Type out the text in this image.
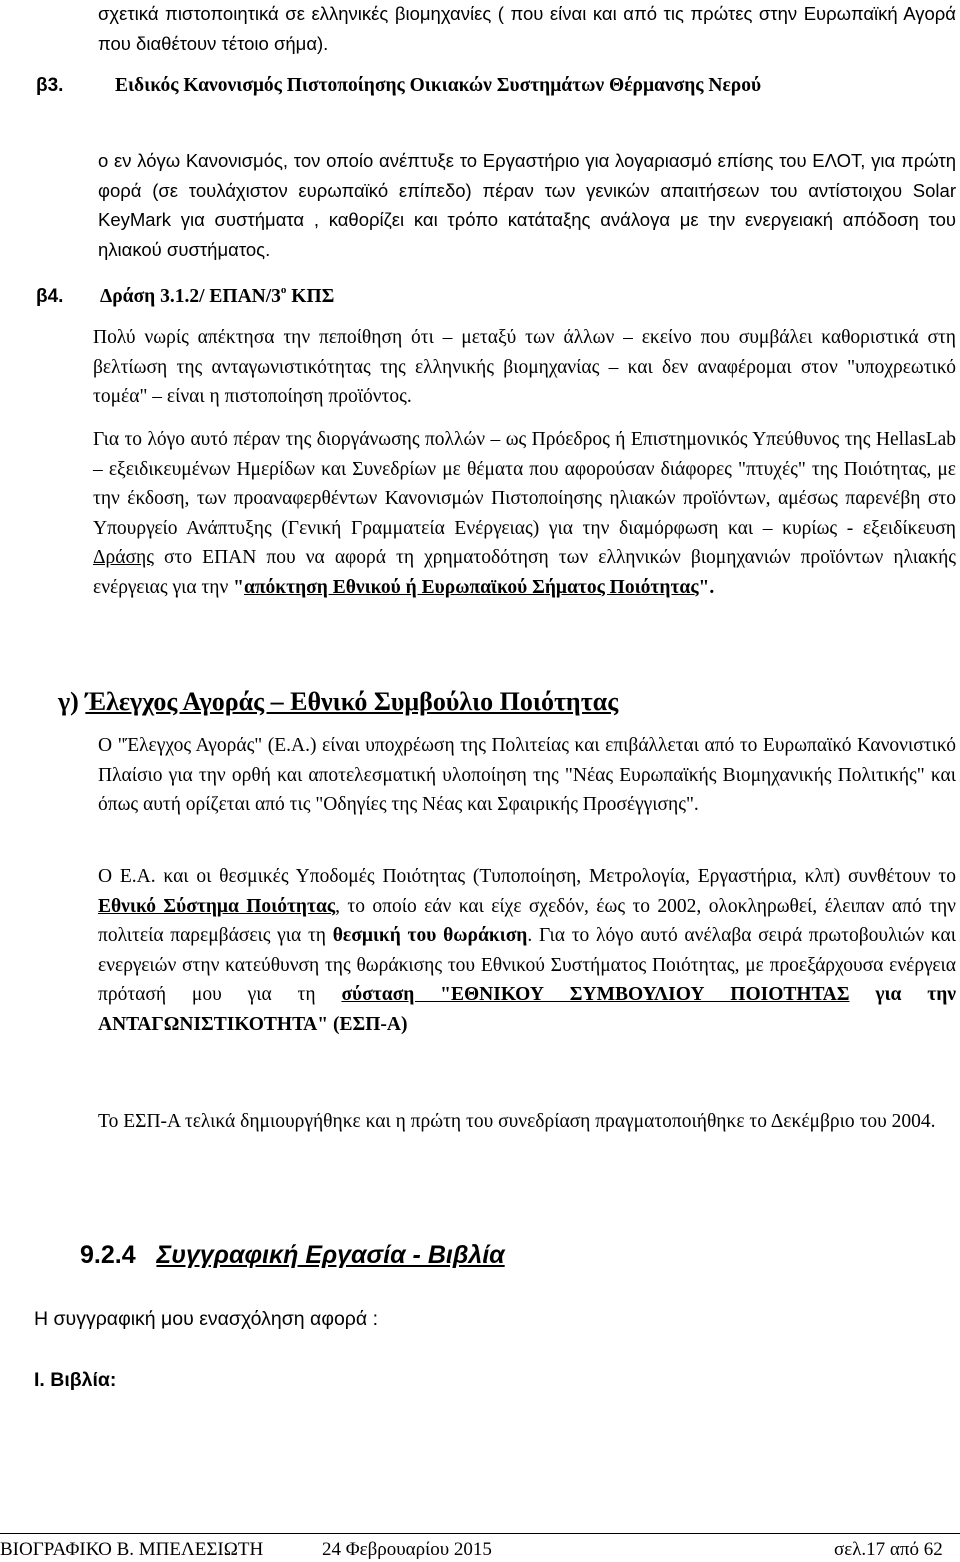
σχετικά πιστοποιητικά σε ελληνικές βιομηχανίες ( που είναι και από τις πρώτες στην Ευρωπαϊκή Αγορά που διαθέτουν τέτοιο σήμα).

β3.	Ειδικός Κανονισμός Πιστοποίησης Οικιακών Συστημάτων Θέρμανσης Νερού

ο εν λόγω Κανονισμός, τον οποίο ανέπτυξε το Εργαστήριο για λογαριασμό επίσης του ΕΛΟΤ, για πρώτη φορά (σε τουλάχιστον ευρωπαϊκό επίπεδο) πέραν των γενικών απαιτήσεων του αντίστοιχου Solar KeyMark για συστήματα , καθορίζει και τρόπο κατάταξης ανάλογα με την ενεργειακή απόδοση του ηλιακού συστήματος.

β4. Δράση 3.1.2/ ΕΠΑΝ/$3^o$ ΚΠΣ

Πολύ νωρίς απέκτησα την πεποίθηση ότι – μεταξύ των άλλων – εκείνο που συμβάλει καθοριστικά στη βελτίωση της ανταγωνιστικότητας της ελληνικής βιομηχανίας – και δεν αναφέρομαι στον "υποχρεωτικό τομέα" – είναι η πιστοποίηση προϊόντος.

Για το λόγο αυτό πέραν της διοργάνωσης πολλών – ως Πρόεδρος ή Επιστημονικός Υπεύθυνος της HellasLab – εξειδικευμένων Ημερίδων και Συνεδρίων με θέματα που αφορούσαν διάφορες "πτυχές" της Ποιότητας, με την έκδοση, των προαναφερθέντων Κανονισμών Πιστοποίησης ηλιακών προϊόντων, αμέσως παρενέβη στο Υπουργείο Ανάπτυξης (Γενική Γραμματεία Ενέργειας) για την διαμόρφωση και – κυρίως - εξειδίκευση Δράσης στο ΕΠΑΝ που να αφορά τη χρηματοδότηση των ελληνικών βιομηχανιών προϊόντων ηλιακής ενέργειας για την "απόκτηση Εθνικού ή Ευρωπαϊκού Σήματος Ποιότητας".

γ) Έλεγχος Αγοράς – Εθνικό Συμβούλιο Ποιότητας

Ο "Έλεγχος Αγοράς" (Ε.Α.) είναι υποχρέωση της Πολιτείας και επιβάλλεται από το Ευρωπαϊκό Κανονιστικό Πλαίσιο για την ορθή και αποτελεσματική υλοποίηση της "Νέας Ευρωπαϊκής Βιομηχανικής Πολιτικής" και όπως αυτή ορίζεται από τις "Οδηγίες της Νέας και Σφαιρικής Προσέγγισης".

Ο Ε.Α. και οι θεσμικές Υποδομές Ποιότητας (Τυποποίηση, Μετρολογία, Εργαστήρια, κλπ) συνθέτουν το Εθνικό Σύστημα Ποιότητας, το οποίο εάν και είχε σχεδόν, έως το 2002, ολοκληρωθεί, έλειπαν από την πολιτεία παρεμβάσεις για τη θεσμική του θωράκιση. Για το λόγο αυτό ανέλαβα σειρά πρωτοβουλιών και ενεργειών στην κατεύθυνση της θωράκισης του Εθνικού Συστήματος Ποιότητας, με προεξάρχουσα ενέργεια πρότασή μου για τη σύσταση "ΕΘΝΙΚΟΥ ΣΥΜΒΟΥΛΙΟΥ ΠΟΙΟΤΗΤΑΣ για την ΑΝΤΑΓΩΝΙΣΤΙΚΟΤΗΤΑ" (ΕΣΠ-Α)

Το ΕΣΠ-Α τελικά δημιουργήθηκε και η πρώτη του συνεδρίαση πραγματοποιήθηκε το Δεκέμβριο του 2004.

9.2.4 Συγγραφική Εργασία - Βιβλία

Η συγγραφική μου ενασχόληση αφορά :

Ι. Βιβλία:
ΒΙΟΓΡΑΦΙΚΟ Β. ΜΠΕΛΕΣΙΩΤΗ	24 Φεβρουαρίου 2015	σελ.17 από 62
